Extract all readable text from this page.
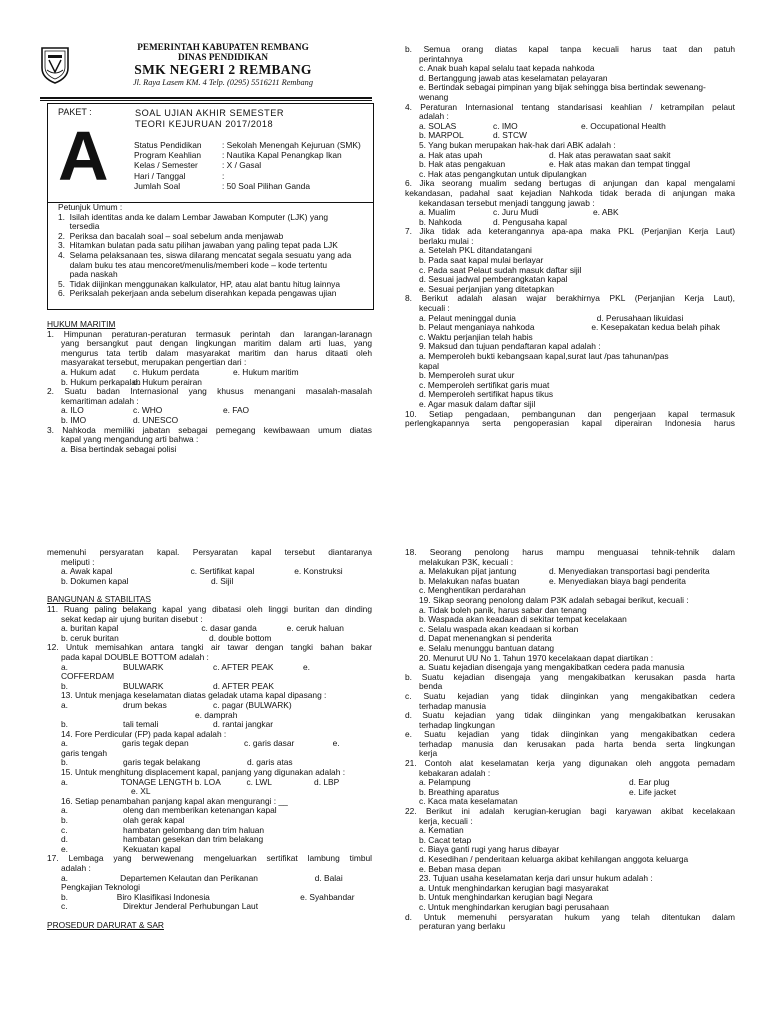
PEMERINTAH KABUPATEN REMBANG
DINAS PENDIDIKAN
SMK NEGERI 2 REMBANG
Jl. Raya Lasem KM. 4 Telp. (0295) 5516211 Rembang
PAKET :
A
SOAL UJIAN AKHIR SEMESTER
TEORI KEJURUAN 2017/2018
Status Pendidikan	: Sekolah Menengah Kejuruan (SMK)
Program Keahlian	: Nautika Kapal Penangkap Ikan
Kelas / Semester	: X / Gasal
Hari / Tanggal	:
Jumlah Soal	: 50 Soal Pilihan Ganda
Petunjuk Umum :
1.  Isilah identitas anda ke dalam Lembar Jawaban Komputer (LJK) yang
tersedia
2.  Periksa dan bacalah soal – soal sebelum anda menjawab
3.  Hitamkan bulatan pada satu pilihan jawaban yang paling tepat pada LJK
4.  Selama pelaksanaan tes, siswa dilarang mencatat segala sesuatu yang ada
dalam buku tes atau mencoret/menulis/memberi kode – kode tertentu
pada naskah
5.  Tidak diijinkan menggunakan kalkulator, HP, atau alat bantu hitug lainnya
6.  Periksalah pekerjaan anda sebelum diserahkan kepada pengawas ujian
HUKUM MARITIM
1. Himpunan peraturan-peraturan termasuk perintah dan larangan-laranagn
yang bersangkut paut dengan lingkungan maritim dalam arti luas, yang
mengurus tata tertib dalam masyarakat maritim dan harus ditaati oleh
masyarakat tersebut, merupakan pengertian dari :
a. Hukum adat	c. Hukum perdata	e. Hukum maritim
b. Hukum perkapalan
d. Hukum perairan
2. Suatu badan Internasional yang khusus menangani masalah-masalah
kemaritiman adalah :
a. ILO	c. WHO	e. FAO
b. IMO	d. UNESCO
3. Nahkoda memiliki jabatan sebagai pemegang kewibawaan umum diatas
kapal yang mengandung arti bahwa :
a. Bisa bertindak sebagai polisi
b. Semua orang diatas kapal tanpa kecuali harus taat dan patuh
perintahnya
c. Anak buah kapal selalu taat kepada nahkoda
d. Bertanggung jawab atas keselamatan pelayaran
e. Bertindak sebagai pimpinan yang bijak sehingga bisa bertindak sewenang-
wenang
4. Peraturan Internasional tentang standarisasi keahlian / ketrampilan pelaut
adalah :
a. SOLAS	c. IMO	e. Occupational Health
b. MARPOL	d. STCW
5. Yang bukan merupakan hak-hak dari ABK adalah :
a. Hak atas upah	d. Hak atas perawatan saat sakit
b. Hak atas pengakuan	e. Hak atas makan dan tempat tinggal
c. Hak atas pengangkutan untuk dipulangkan
6. Jika seorang mualim sedang bertugas di anjungan dan kapal mengalami
kekandasan, padahal saat kejadian Nahkoda tidak berada di anjungan maka
kekandasan tersebut menjadi tanggung jawab :
a. Mualim	c. Juru Mudi	e. ABK
b. Nahkoda	d. Pengusaha kapal
7. Jika tidak ada keterangannya apa-apa maka PKL (Perjanjian Kerja Laut)
berlaku mulai :
a. Setelah PKL ditandatangani
b. Pada saat kapal mulai berlayar
c. Pada saat Pelaut sudah masuk daftar sijil
d. Sesuai jadwal pemberangkatan kapal
e. Sesuai perjanjian yang ditetapkan
8. Berikut adalah alasan wajar berakhirnya PKL (Perjanjian Kerja Laut),
kecuali :
a. Pelaut meninggal dunia	d. Perusahaan likuidasi
b. Pelaut menganiaya nahkoda	e. Kesepakatan kedua belah pihak
c. Waktu perjanjian telah habis
9. Maksud dan tujuan pendaftaran kapal adalah :
a. Memperoleh bukti kebangsaan kapal,surat laut /pas tahunan/pas
kapal
b. Memperoleh surat ukur
c. Memperoleh sertifikat garis muat
d. Memperoleh sertifikat hapus tikus
e. Agar masuk dalam daftar sijil
10. Setiap pengadaan, pembangunan dan pengerjaan kapal termasuk
perlengkapannya serta pengoperasian kapal diperairan Indonesia harus
memenuhi persyaratan kapal. Persyaratan kapal tersebut diantaranya
meliputi :
a. Awak kapal	c. Sertifikat kapal	e. Konstruksi
b. Dokumen kapal	d. Sijil
BANGUNAN & STABILITAS
11. Ruang paling belakang kapal yang dibatasi oleh linggi buritan dan dinding
sekat kedap air ujung buritan disebut :
a. buritan kapal	c. dasar ganda	e. ceruk haluan
b. ceruk buritan	d. double bottom
12. Untuk memisahkan antara tangki air tawar dengan tangki bahan bakar
pada kapal DOUBLE BOTTOM adalah :
a.	BULWARK	c. AFTER PEAK	e.
COFFERDAM
b.	BULWARK	d. AFTER PEAK
13. Untuk menjaga keselamatan diatas geladak utama kapal dipasang :
a.	drum bekas	c. pagar (BULWARK)
e. damprah
b.	tali temali	d. rantai jangkar
14. Fore Perdicular (FP) pada kapal adalah :
a.	garis tegak depan	c. garis dasar	e.
garis tengah
b.	garis tegak belakang	d. garis atas
15. Untuk menghitung displacement kapal, panjang yang digunakan adalah :
a.	TONAGE LENGTH b. LOA	c. LWL	d. LBP
e. XL
16. Setiap penambahan panjang kapal akan mengurangi : __
a.	oleng dan memberikan ketenangan kapal
b.	olah gerak kapal
c.	hambatan gelombang dan trim haluan
d.	hambatan gesekan dan trim belakang
e.	Kekuatan kapal
17. Lembaga yang berwewenang mengeluarkan sertifikat lambung timbul
adalah :
a.	Departemen Kelautan dan Perikanan	d. Balai
Pengkajian Teknologi
b.	Biro Klasifikasi Indonesia	e. Syahbandar
c.	Direktur Jenderal Perhubungan Laut
PROSEDUR DARURAT & SAR
18. Seorang penolong harus mampu menguasai tehnik-tehnik dalam
melakukan P3K, kecuali :
a. Melakukan pijat jantung	d. Menyediakan transportasi bagi penderita
b. Melakukan nafas buatan	e. Menyediakan biaya bagi penderita
c. Menghentikan perdarahan
19. Sikap seorang penolong dalam P3K adalah sebagai berikut, kecuali :
a. Tidak boleh panik, harus sabar dan tenang
b. Waspada akan keadaan di sekitar tempat kecelakaan
c. Selalu waspada akan keadaan si korban
d. Dapat menenangkan si penderita
e. Selalu menunggu bantuan datang
20. Menurut UU No 1. Tahun 1970 kecelakaan dapat diartikan :
a. Suatu kejadian disengaja yang mengakibatkan cedera pada manusia
b. Suatu kejadian disengaja yang mengakibatkan kerusakan pasda harta
benda
c. Suatu kejadian yang tidak diinginkan yang mengakibatkan cedera
terhadap manusia
d. Suatu kejadian yang tidak diinginkan yang mengakibatkan kerusakan
terhadap lingkungan
e. Suatu kejadian yang tidak diinginkan yang mengakibatkan cedera
terhadap manusia dan kerusakan pada harta benda serta lingkungan
kerja
21. Contoh alat keselamatan kerja yang digunakan oleh anggota pemadam
kebakaran adalah :
a. Pelampung	d. Ear plug
b. Breathing aparatus	e. Life jacket
c. Kaca mata keselamatan
22. Berikut ini adalah kerugian-kerugian bagi karyawan akibat kecelakaan
kerja, kecuali :
a. Kematian
b. Cacat tetap
c. Biaya ganti rugi yang harus dibayar
d. Kesedihan / penderitaan keluarga akibat kehilangan anggota keluarga
e. Beban masa depan
23. Tujuan usaha keselamatan kerja dari unsur hukum adalah :
a. Untuk menghindarkan kerugian bagi masyarakat
b. Untuk menghindarkan kerugian bagi Negara
c. Untuk menghindarkan kerugian bagi perusahaan
d. Untuk memenuhi persyaratan hukum yang telah ditentukan dalam
peraturan yang berlaku
